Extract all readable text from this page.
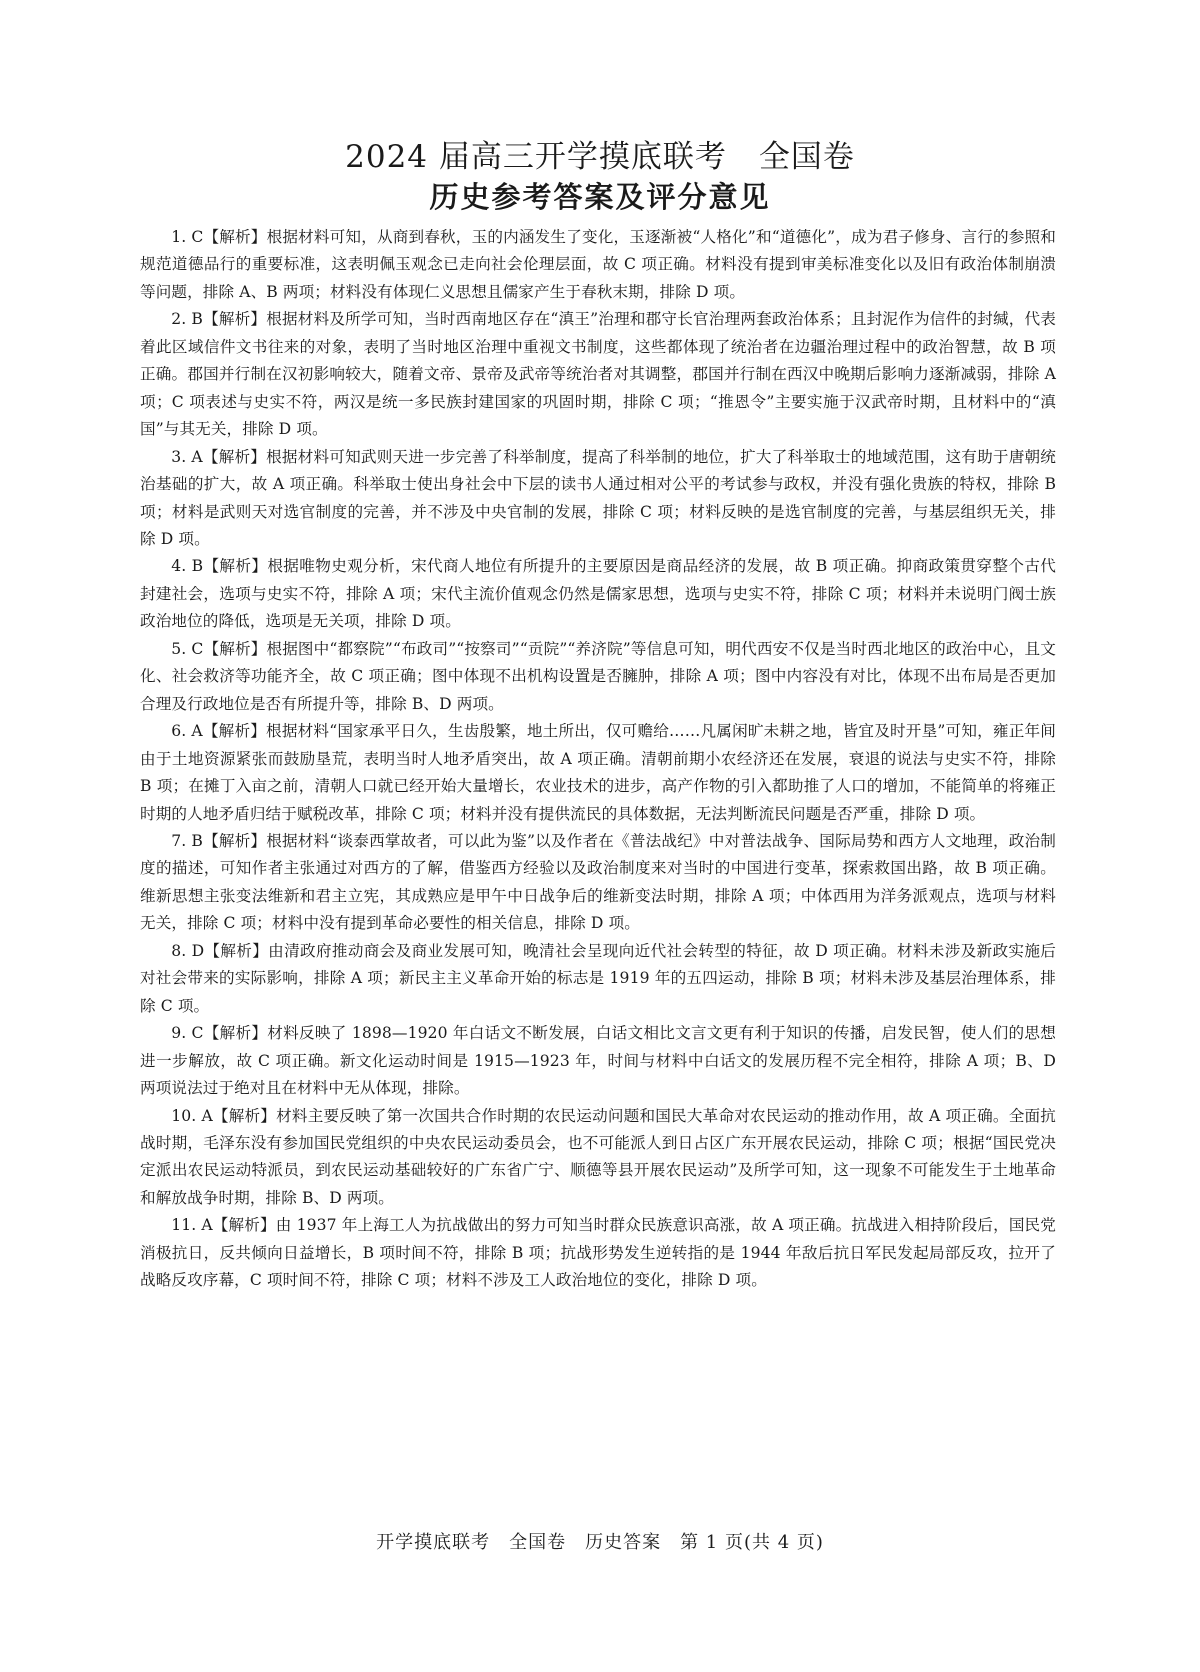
2024 届高三开学摸底联考　全国卷
历史参考答案及评分意见

1. C【解析】根据材料可知，从商到春秋，玉的内涵发生了变化，玉逐渐被“人格化”和“道德化”，成为君子修身、言行的参照和规范道德品行的重要标准，这表明佩玉观念已走向社会伦理层面，故 C 项正确。材料没有提到审美标准变化以及旧有政治体制崩溃等问题，排除 A、B 两项；材料没有体现仁义思想且儒家产生于春秋末期，排除 D 项。

2. B【解析】根据材料及所学可知，当时西南地区存在“滇王”治理和郡守长官治理两套政治体系；且封泥作为信件的封缄，代表着此区域信件文书往来的对象，表明了当时地区治理中重视文书制度，这些都体现了统治者在边疆治理过程中的政治智慧，故 B 项正确。郡国并行制在汉初影响较大，随着文帝、景帝及武帝等统治者对其调整，郡国并行制在西汉中晚期后影响力逐渐减弱，排除 A 项；C 项表述与史实不符，两汉是统一多民族封建国家的巩固时期，排除 C 项；“推恩令”主要实施于汉武帝时期，且材料中的“滇国”与其无关，排除 D 项。

3. A【解析】根据材料可知武则天进一步完善了科举制度，提高了科举制的地位，扩大了科举取士的地域范围，这有助于唐朝统治基础的扩大，故 A 项正确。科举取士使出身社会中下层的读书人通过相对公平的考试参与政权，并没有强化贵族的特权，排除 B 项；材料是武则天对选官制度的完善，并不涉及中央官制的发展，排除 C 项；材料反映的是选官制度的完善，与基层组织无关，排除 D 项。

4. B【解析】根据唯物史观分析，宋代商人地位有所提升的主要原因是商品经济的发展，故 B 项正确。抑商政策贯穿整个古代封建社会，选项与史实不符，排除 A 项；宋代主流价值观念仍然是儒家思想，选项与史实不符，排除 C 项；材料并未说明门阀士族政治地位的降低，选项是无关项，排除 D 项。

5. C【解析】根据图中“都察院”“布政司”“按察司”“贡院”“养济院”等信息可知，明代西安不仅是当时西北地区的政治中心，且文化、社会救济等功能齐全，故 C 项正确；图中体现不出机构设置是否臃肿，排除 A 项；图中内容没有对比，体现不出布局是否更加合理及行政地位是否有所提升等，排除 B、D 两项。

6. A【解析】根据材料“国家承平日久，生齿殷繁，地土所出，仅可赡给……凡属闲旷未耕之地，皆宜及时开垦”可知，雍正年间由于土地资源紧张而鼓励垦荒，表明当时人地矛盾突出，故 A 项正确。清朝前期小农经济还在发展，衰退的说法与史实不符，排除 B 项；在摊丁入亩之前，清朝人口就已经开始大量增长，农业技术的进步，高产作物的引入都助推了人口的增加，不能简单的将雍正时期的人地矛盾归结于赋税改革，排除 C 项；材料并没有提供流民的具体数据，无法判断流民问题是否严重，排除 D 项。

7. B【解析】根据材料“谈泰西掌故者，可以此为鉴”以及作者在《普法战纪》中对普法战争、国际局势和西方人文地理，政治制度的描述，可知作者主张通过对西方的了解，借鉴西方经验以及政治制度来对当时的中国进行变革，探索救国出路，故 B 项正确。维新思想主张变法维新和君主立宪，其成熟应是甲午中日战争后的维新变法时期，排除 A 项；中体西用为洋务派观点，选项与材料无关，排除 C 项；材料中没有提到革命必要性的相关信息，排除 D 项。

8. D【解析】由清政府推动商会及商业发展可知，晚清社会呈现向近代社会转型的特征，故 D 项正确。材料未涉及新政实施后对社会带来的实际影响，排除 A 项；新民主主义革命开始的标志是 1919 年的五四运动，排除 B 项；材料未涉及基层治理体系，排除 C 项。

9. C【解析】材料反映了 1898—1920 年白话文不断发展，白话文相比文言文更有利于知识的传播，启发民智，使人们的思想进一步解放，故 C 项正确。新文化运动时间是 1915—1923 年，时间与材料中白话文的发展历程不完全相符，排除 A 项；B、D 两项说法过于绝对且在材料中无从体现，排除。

10. A【解析】材料主要反映了第一次国共合作时期的农民运动问题和国民大革命对农民运动的推动作用，故 A 项正确。全面抗战时期，毛泽东没有参加国民党组织的中央农民运动委员会，也不可能派人到日占区广东开展农民运动，排除 C 项；根据“国民党决定派出农民运动特派员，到农民运动基础较好的广东省广宁、顺德等县开展农民运动”及所学可知，这一现象不可能发生于土地革命和解放战争时期，排除 B、D 两项。

11. A【解析】由 1937 年上海工人为抗战做出的努力可知当时群众民族意识高涨，故 A 项正确。抗战进入相持阶段后，国民党消极抗日，反共倾向日益增长，B 项时间不符，排除 B 项；抗战形势发生逆转指的是 1944 年敌后抗日军民发起局部反攻，拉开了战略反攻序幕，C 项时间不符，排除 C 项；材料不涉及工人政治地位的变化，排除 D 项。

开学摸底联考　全国卷　历史答案　第 1 页(共 4 页)
